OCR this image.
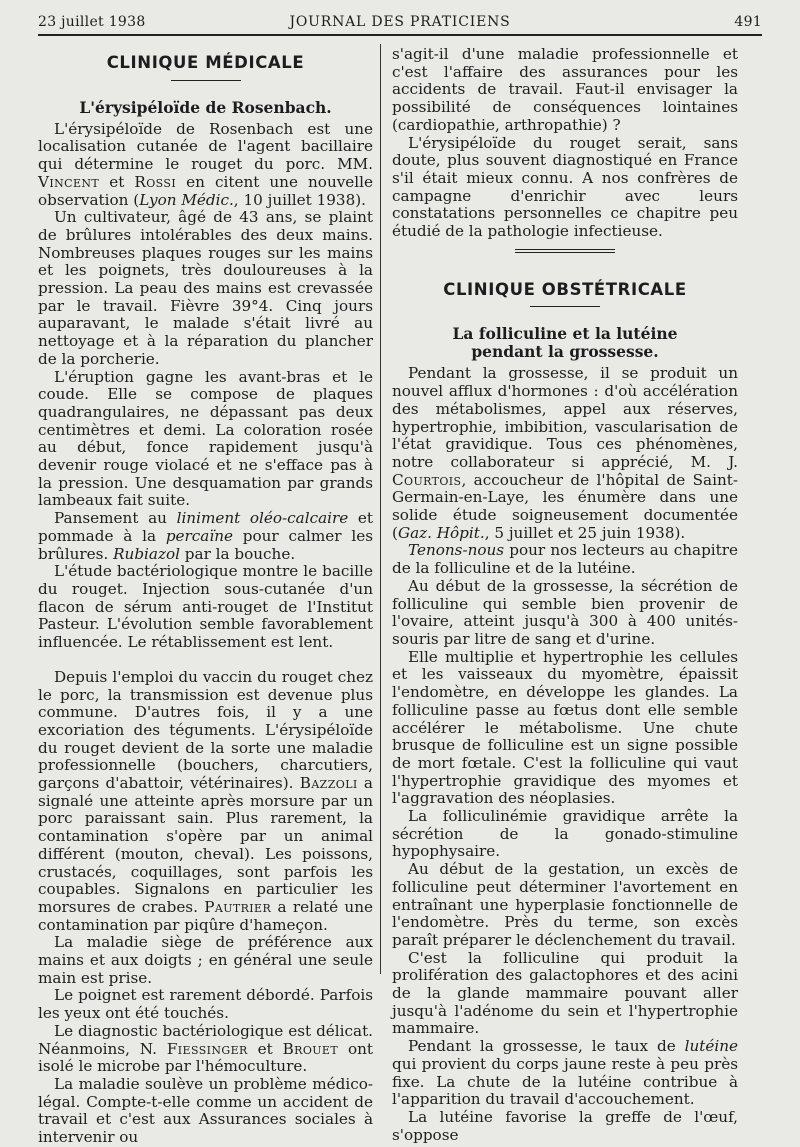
23 juillet 1938	JOURNAL DES PRATICIENS	491
CLINIQUE MÉDICALE
L'érysipéloïde de Rosenbach.

L'érysipéloïde de Rosenbach est une localisation cutanée de l'agent bacillaire qui détermine le rouget du porc. MM. Vincent et Rossi en citent une nouvelle observation (Lyon Médic., 10 juillet 1938).

Un cultivateur, âgé de 43 ans, se plaint de brûlures intolérables des deux mains. Nombreuses plaques rouges sur les mains et les poignets, très douloureuses à la pression. La peau des mains est crevassée par le travail. Fièvre 39°4. Cinq jours auparavant, le malade s'était livré au nettoyage et à la réparation du plancher de la porcherie.

L'éruption gagne les avant-bras et le coude. Elle se compose de plaques quadrangulaires, ne dépassant pas deux centimètres et demi. La coloration rosée au début, fonce rapidement jusqu'à devenir rouge violacé et ne s'efface pas à la pression. Une desquamation par grands lambeaux fait suite.

Pansement au liniment oléo-calcaire et pommade à la percaïne pour calmer les brûlures. Rubiazol par la bouche.

L'étude bactériologique montre le bacille du rouget. Injection sous-cutanée d'un flacon de sérum anti-rouget de l'Institut Pasteur. L'évolution semble favorablement influencée. Le rétablissement est lent.

Depuis l'emploi du vaccin du rouget chez le porc, la transmission est devenue plus commune. D'autres fois, il y a une excoriation des téguments. L'érysipéloïde du rouget devient de la sorte une maladie professionnelle (bouchers, charcutiers, garçons d'abattoir, vétérinaires). Bazzoli a signalé une atteinte après morsure par un porc paraissant sain. Plus rarement, la contamination s'opère par un animal différent (mouton, cheval). Les poissons, crustacés, coquillages, sont parfois les coupables. Signalons en particulier les morsures de crabes. Pautrier a relaté une contamination par piqûre d'hameçon.

La maladie siège de préférence aux mains et aux doigts ; en général une seule main est prise.

Le poignet est rarement débordé. Parfois les yeux ont été touchés.

Le diagnostic bactériologique est délicat. Néanmoins, N. Fiessinger et Brouet ont isolé le microbe par l'hémoculture.

La maladie soulève un problème médico-légal. Compte-t-elle comme un accident de travail et c'est aux Assurances sociales à intervenir ou

s'agit-il d'une maladie professionnelle et c'est l'affaire des assurances pour les accidents de travail. Faut-il envisager la possibilité de conséquences lointaines (cardiopathie, arthropathie) ?

L'érysipéloïde du rouget serait, sans doute, plus souvent diagnostiqué en France s'il était mieux connu. A nos confrères de campagne d'enrichir avec leurs constatations personnelles ce chapitre peu étudié de la pathologie infectieuse.

CLINIQUE OBSTÉTRICALE
La folliculine et la lutéine
pendant la grossesse.

Pendant la grossesse, il se produit un nouvel afflux d'hormones : d'où accélération des métabolismes, appel aux réserves, hypertrophie, imbibition, vascularisation de l'état gravidique. Tous ces phénomènes, notre collaborateur si apprécié, M. J. Courtois, accoucheur de l'hôpital de Saint-Germain-en-Laye, les énumère dans une solide étude soigneusement documentée (Gaz. Hôpit., 5 juillet et 25 juin 1938).

Tenons-nous pour nos lecteurs au chapitre de la folliculine et de la lutéine.

Au début de la grossesse, la sécrétion de folliculine qui semble bien provenir de l'ovaire, atteint jusqu'à 300 à 400 unités-souris par litre de sang et d'urine.

Elle multiplie et hypertrophie les cellules et les vaisseaux du myomètre, épaissit l'endomètre, en développe les glandes. La folliculine passe au fœtus dont elle semble accélérer le métabolisme. Une chute brusque de folliculine est un signe possible de mort fœtale. C'est la folliculine qui vaut l'hypertrophie gravidique des myomes et l'aggravation des néoplasies.

La folliculinémie gravidique arrête la sécrétion de la gonado-stimuline hypophysaire.

Au début de la gestation, un excès de folliculine peut déterminer l'avortement en entraînant une hyperplasie fonctionnelle de l'endomètre. Près du terme, son excès paraît préparer le déclenchement du travail.

C'est la folliculine qui produit la prolifération des galactophores et des acini de la glande mammaire pouvant aller jusqu'à l'adénome du sein et l'hypertrophie mammaire.

Pendant la grossesse, le taux de lutéine qui provient du corps jaune reste à peu près fixe. La chute de la lutéine contribue à l'apparition du travail d'accouchement.

La lutéine favorise la greffe de l'œuf, s'oppose
